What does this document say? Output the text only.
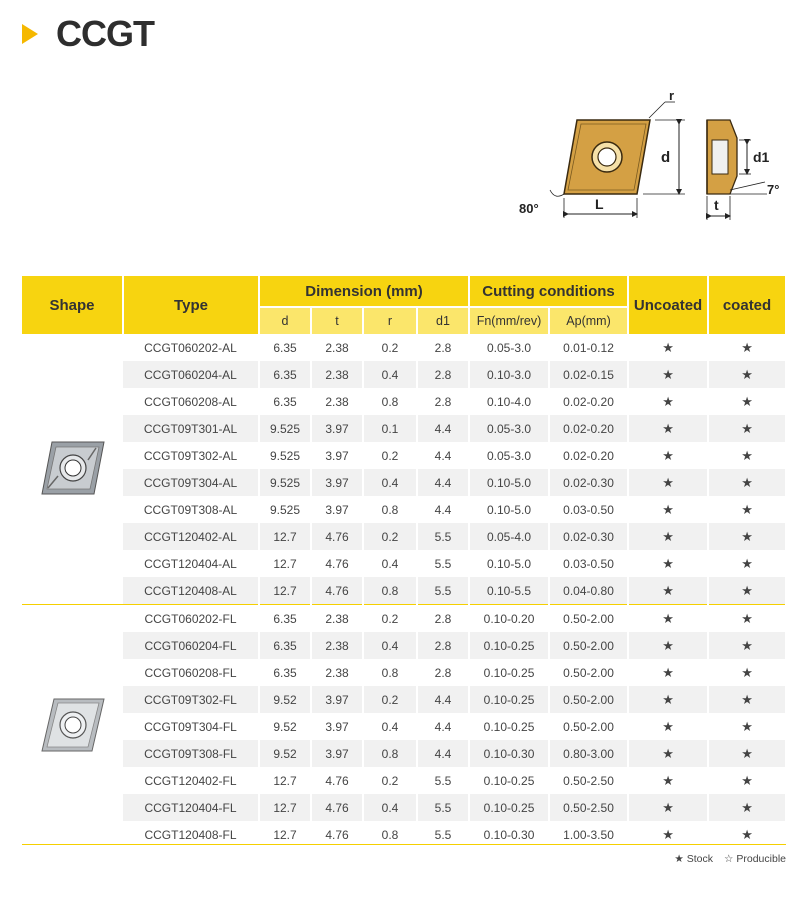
CCGT
d
r
L
80°
d1
7°
t
Shape	Type	Dimension (mm)				Cutting conditions		Uncoated	coated
		d	t	r	d1	Fn(mm/rev)	Ap(mm)		
	CCGT060202-AL	6.35	2.38	0.2	2.8	0.05-3.0	0.01-0.12	★	★
	CCGT060204-AL	6.35	2.38	0.4	2.8	0.10-3.0	0.02-0.15	★	★
	CCGT060208-AL	6.35	2.38	0.8	2.8	0.10-4.0	0.02-0.20	★	★
	CCGT09T301-AL	9.525	3.97	0.1	4.4	0.05-3.0	0.02-0.20	★	★
	CCGT09T302-AL	9.525	3.97	0.2	4.4	0.05-3.0	0.02-0.20	★	★
	CCGT09T304-AL	9.525	3.97	0.4	4.4	0.10-5.0	0.02-0.30	★	★
	CCGT09T308-AL	9.525	3.97	0.8	4.4	0.10-5.0	0.03-0.50	★	★
	CCGT120402-AL	12.7	4.76	0.2	5.5	0.05-4.0	0.02-0.30	★	★
	CCGT120404-AL	12.7	4.76	0.4	5.5	0.10-5.0	0.03-0.50	★	★
	CCGT120408-AL	12.7	4.76	0.8	5.5	0.10-5.5	0.04-0.80	★	★
	CCGT060202-FL	6.35	2.38	0.2	2.8	0.10-0.20	0.50-2.00	★	★
	CCGT060204-FL	6.35	2.38	0.4	2.8	0.10-0.25	0.50-2.00	★	★
	CCGT060208-FL	6.35	2.38	0.8	2.8	0.10-0.25	0.50-2.00	★	★
	CCGT09T302-FL	9.52	3.97	0.2	4.4	0.10-0.25	0.50-2.00	★	★
	CCGT09T304-FL	9.52	3.97	0.4	4.4	0.10-0.25	0.50-2.00	★	★
	CCGT09T308-FL	9.52	3.97	0.8	4.4	0.10-0.30	0.80-3.00	★	★
	CCGT120402-FL	12.7	4.76	0.2	5.5	0.10-0.25	0.50-2.50	★	★
	CCGT120404-FL	12.7	4.76	0.4	5.5	0.10-0.25	0.50-2.50	★	★
	CCGT120408-FL	12.7	4.76	0.8	5.5	0.10-0.30	1.00-3.50	★	★
★ Stock ☆ Producible
